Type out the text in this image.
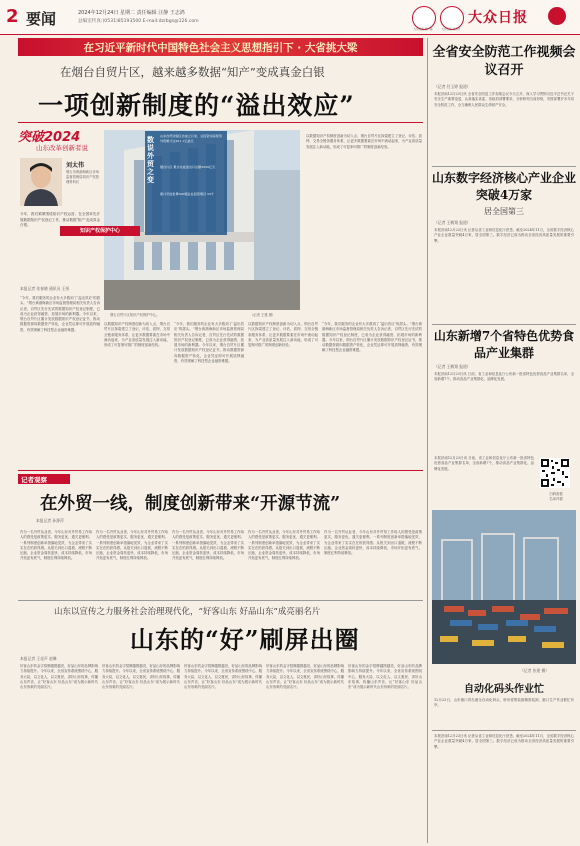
2 要闻	2024年12月24日 星期二 责任编辑 汪静 王志鸿
总编室传真:(0531)85193500 E-mail:dzrbgs@126.com
大众日报 客户端	大众日报 抖音号
大众日报
在习近平新时代中国特色社会主义思想指引下 · 大省挑大梁
在烟台自贸片区，越来越多数据“知产”变成真金白银
一项创新制度的“溢出效应”
突破2024
山东改革创新者说
刘太伟
烟台市黄渤海新区市场监督管理局知识产权管理科科长
今年，我们紧紧围绕知识产权运营，在全国率先开展数据知识产权登记工作，推动数据‘知产’变成真金白银。
知识产权保护中心
数说外贸之变
山东自贸试验区自成立以来，总投资实际使用外资累计达221.1亿美元
烟台片区 累计完成进出口总额2250亿元
累计引进世界500强企业投资项目 53个
烟台自贸片区知识产权保护中心。	（记者 王建 摄）
本报记者 张春晓 通讯员 王彤
“今年，我们服务的企业有大多数到了‘溢出效应’的甜头。”烟台黄渤海新区市场监督管理局相关负责人告诉记者，自贸区先行先试的数据知识产权登记制度，已成为企业获得融资、拓展市场的新利器。今年以来，烟台自贸片区累计发放数据知识产权登记证书，推动数据资源向数据资产转化，企业凭证即可开展质押融资，有效缓解了科技型企业融资难题。
以数据知识产权制度创新为切入点，烟台自贸片区探索建立了登记、评估、质押、交易全链条服务体系，让更多数据要素在市场中流动起来，为产业高质量发展注入新动能，形成了可复制可推广的制度创新经验。
“今年，我们服务的企业有大多数到了‘溢出效应’的甜头。”烟台黄渤海新区市场监督管理局相关负责人告诉记者，自贸区先行先试的数据知识产权登记制度，已成为企业获得融资、拓展市场的新利器。今年以来，烟台自贸片区累计发放数据知识产权登记证书，推动数据资源向数据资产转化，企业凭证即可开展质押融资，有效缓解了科技型企业融资难题。
以数据知识产权制度创新为切入点，烟台自贸片区探索建立了登记、评估、质押、交易全链条服务体系，让更多数据要素在市场中流动起来，为产业高质量发展注入新动能，形成了可复制可推广的制度创新经验。
“今年，我们服务的企业有大多数到了‘溢出效应’的甜头。”烟台黄渤海新区市场监督管理局相关负责人告诉记者，自贸区先行先试的数据知识产权登记制度，已成为企业获得融资、拓展市场的新利器。今年以来，烟台自贸片区累计发放数据知识产权登记证书，推动数据资源向数据资产转化，企业凭证即可开展质押融资，有效缓解了科技型企业融资难题。
以数据知识产权制度创新为切入点，烟台自贸片区探索建立了登记、评估、质押、交易全链条服务体系，让更多数据要素在市场中流动起来，为产业高质量发展注入新动能，形成了可复制可推广的制度创新经验。
记者观察
在外贸一线，制度创新带来“开源节流”
本报记者 孙源萍
作为一名外贸从业者，今年山东对外贸易工作给人的感受是政策更实、服务更优、通关更便利。一系列制度创新举措落地见效，为企业带来了实实在在的获得感。从报关到出口退税，流程不断压缩，企业资金周转更快，成本持续降低，市场开拓更有底气，制度红利持续释放。
作为一名外贸从业者，今年山东对外贸易工作给人的感受是政策更实、服务更优、通关更便利。一系列制度创新举措落地见效，为企业带来了实实在在的获得感。从报关到出口退税，流程不断压缩，企业资金周转更快，成本持续降低，市场开拓更有底气，制度红利持续释放。
作为一名外贸从业者，今年山东对外贸易工作给人的感受是政策更实、服务更优、通关更便利。一系列制度创新举措落地见效，为企业带来了实实在在的获得感。从报关到出口退税，流程不断压缩，企业资金周转更快，成本持续降低，市场开拓更有底气，制度红利持续释放。
作为一名外贸从业者，今年山东对外贸易工作给人的感受是政策更实、服务更优、通关更便利。一系列制度创新举措落地见效，为企业带来了实实在在的获得感。从报关到出口退税，流程不断压缩，企业资金周转更快，成本持续降低，市场开拓更有底气，制度红利持续释放。
作为一名外贸从业者，今年山东对外贸易工作给人的感受是政策更实、服务更优、通关更便利。一系列制度创新举措落地见效，为企业带来了实实在在的获得感。从报关到出口退税，流程不断压缩，企业资金周转更快，成本持续降低，市场开拓更有底气，制度红利持续释放。
山东以宣传之力服务社会治理现代化，“好客山东 好品山东”成亮丽名片
山东的“好”刷屏出圈
本报记者 王佳声 赵琳
好客山东的金字招牌越擦越亮，好品山东的品牌影响力持续提升。今年以来，全省宣传系统围绕中心、服务大局，以文化人、以文惠民，讲好山东故事，传播山东声音，让“好客山东 好品山东”成为展示新时代山东形象的亮丽名片。
好客山东的金字招牌越擦越亮，好品山东的品牌影响力持续提升。今年以来，全省宣传系统围绕中心、服务大局，以文化人、以文惠民，讲好山东故事，传播山东声音，让“好客山东 好品山东”成为展示新时代山东形象的亮丽名片。
好客山东的金字招牌越擦越亮，好品山东的品牌影响力持续提升。今年以来，全省宣传系统围绕中心、服务大局，以文化人、以文惠民，讲好山东故事，传播山东声音，让“好客山东 好品山东”成为展示新时代山东形象的亮丽名片。
好客山东的金字招牌越擦越亮，好品山东的品牌影响力持续提升。今年以来，全省宣传系统围绕中心、服务大局，以文化人、以文惠民，讲好山东故事，传播山东声音，让“好客山东 好品山东”成为展示新时代山东形象的亮丽名片。
好客山东的金字招牌越擦越亮，好品山东的品牌影响力持续提升。今年以来，全省宣传系统围绕中心、服务大局，以文化人、以文惠民，讲好山东故事，传播山东声音，让“好客山东 好品山东”成为展示新时代山东形象的亮丽名片。
全省安全防范工作视频会议召开
（记者 付玉婷 报道）
本报济南12月23日讯 全省安全防范工作视频会议今天召开，深入学习贯彻习近平总书记关于安全生产重要论述，认真落实省委、省政府部署要求，分析研判当前形势，安排部署岁末年初安全防范工作，全力确保人民群众生命财产安全。
山东数字经济核心产业企业突破4万家
居全国第三
（记者 王鹤翔 报道）
本报济南12月23日讯 记者从省工业和信息化厅获悉，截至2024年11月，全省数字经济核心产业企业数量突破4万家，居全国第三。数字经济已成为推动全省经济高质量发展的重要引擎。
山东新增7个省特色优势食品产业集群
（记者 王鹤翔 报道）
本报济南12月23日讯 日前，省工业和信息化厅公布新一批省特色优势食品产业集群名单，全省新增7个，推动食品产业集群化、品牌化发展。
本报济南12月23日讯 日前，省工业和信息化厅公布新一批省特色优势食品产业集群名单，全省新增7个，推动食品产业集群化、品牌化发展。
扫码查看
名单详情
（记者 张建 摄）
自动化码头作业忙
12月23日，山东港口青岛港全自动化码头，桥吊将集装箱精准装卸，港口生产作业繁忙有序。
本报济南12月23日讯 记者从省工业和信息化厅获悉，截至2024年11月，全省数字经济核心产业企业数量突破4万家，居全国第三。数字经济已成为推动全省经济高质量发展的重要引擎。
